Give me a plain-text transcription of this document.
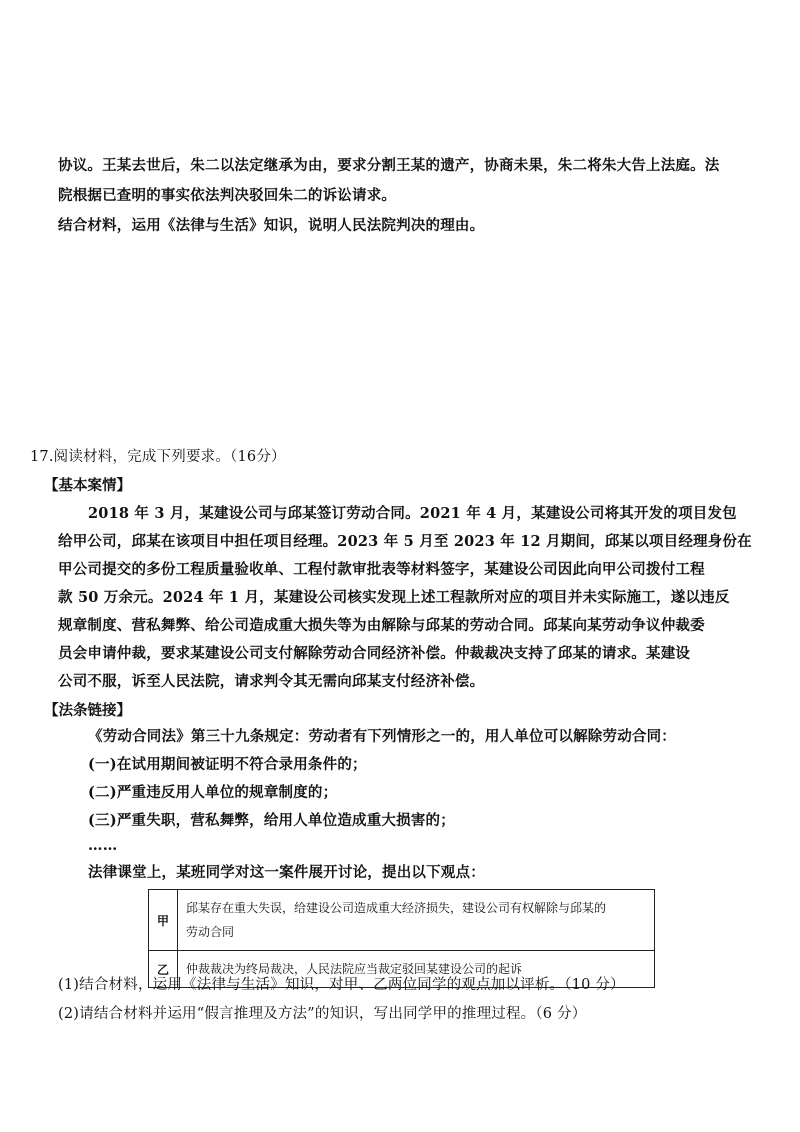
协议。王某去世后，朱二以法定继承为由，要求分割王某的遗产，协商未果，朱二将朱大告上法庭。法
院根据已查明的事实依法判决驳回朱二的诉讼请求。
结合材料，运用《法律与生活》知识，说明人民法院判决的理由。
17.阅读材料，完成下列要求。（16分）
【基本案情】
2018 年 3 月，某建设公司与邱某签订劳动合同。2021 年 4 月，某建设公司将其开发的项目发包
给甲公司，邱某在该项目中担任项目经理。2023 年 5 月至 2023 年 12 月期间，邱某以项目经理身份在
甲公司提交的多份工程质量验收单、工程付款审批表等材料签字，某建设公司因此向甲公司拨付工程
款 50 万余元。2024 年 1 月，某建设公司核实发现上述工程款所对应的项目并未实际施工，遂以违反
规章制度、营私舞弊、给公司造成重大损失等为由解除与邱某的劳动合同。邱某向某劳动争议仲裁委
员会申请仲裁，要求某建设公司支付解除劳动合同经济补偿。仲裁裁决支持了邱某的请求。某建设
公司不服，诉至人民法院，请求判令其无需向邱某支付经济补偿。
【法条链接】
《劳动合同法》第三十九条规定：劳动者有下列情形之一的，用人单位可以解除劳动合同：
(一)在试用期间被证明不符合录用条件的；
(二)严重违反用人单位的规章制度的；
(三)严重失职，营私舞弊，给用人单位造成重大损害的；
……
法律课堂上，某班同学对这一案件展开讨论，提出以下观点：
甲	邱某存在重大失误，给建设公司造成重大经济损失，建设公司有权解除与邱某的
劳动合同

乙	仲裁裁决为终局裁决，人民法院应当裁定驳回某建设公司的起诉
(1)结合材料，运用《法律与生活》知识，对甲、乙两位同学的观点加以评析。（10 分）
(2)请结合材料并运用“假言推理及方法”的知识，写出同学甲的推理过程。（6 分）
